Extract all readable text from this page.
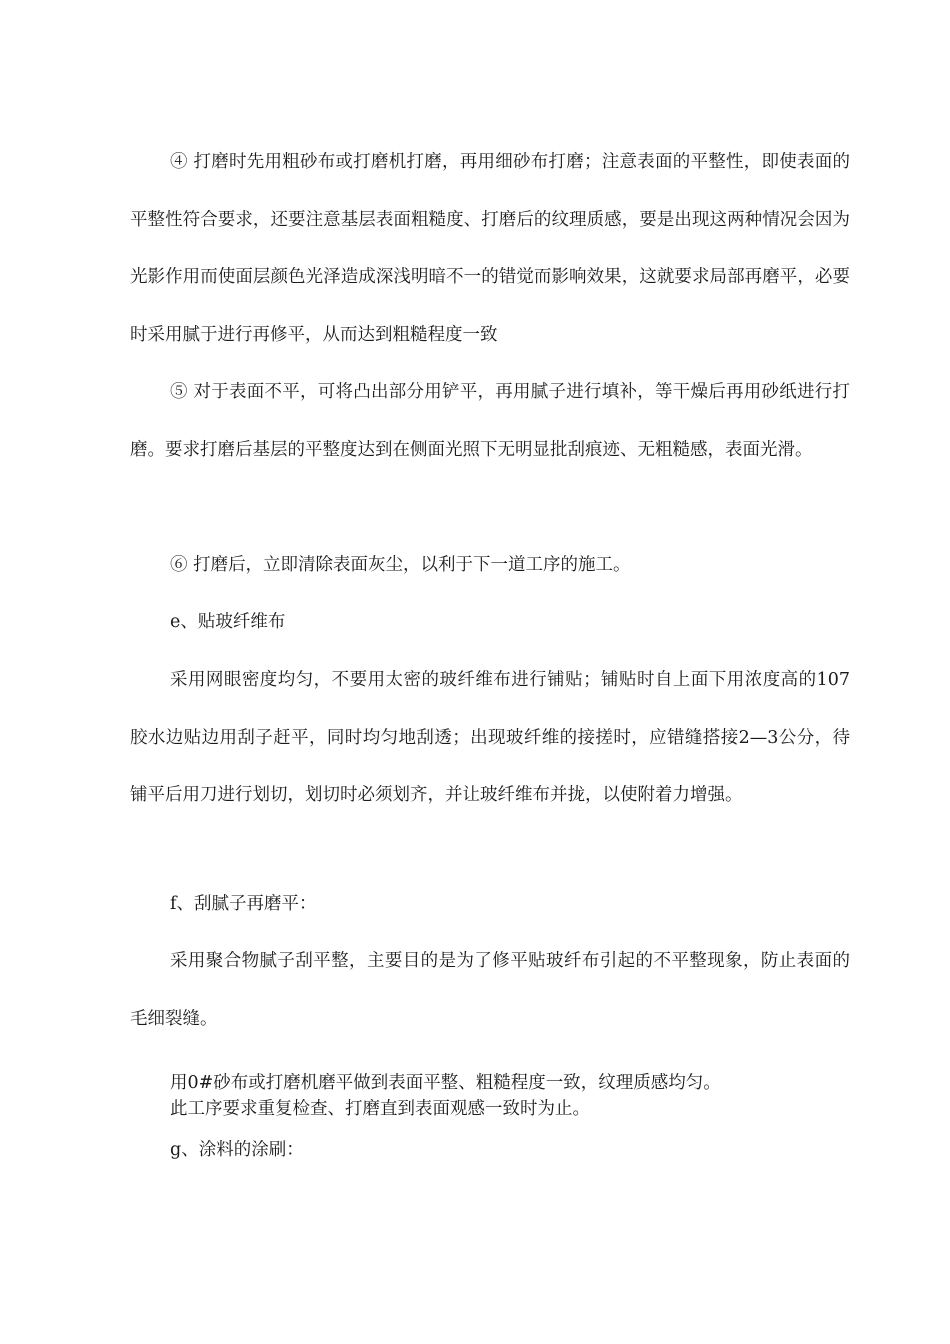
④ 打磨时先用粗砂布或打磨机打磨，再用细砂布打磨；注意表面的平整性，即使表面的平整性符合要求，还要注意基层表面粗糙度、打磨后的纹理质感，要是出现这两种情况会因为光影作用而使面层颜色光泽造成深浅明暗不一的错觉而影响效果，这就要求局部再磨平，必要时采用腻于进行再修平，从而达到粗糙程度一致

⑤ 对于表面不平，可将凸出部分用铲平，再用腻子进行填补，等干燥后再用砂纸进行打磨。要求打磨后基层的平整度达到在侧面光照下无明显批刮痕迹、无粗糙感，表面光滑。

⑥ 打磨后，立即清除表面灰尘，以利于下一道工序的施工。

e、贴玻纤维布

采用网眼密度均匀，不要用太密的玻纤维布进行铺贴；铺贴时自上面下用浓度高的107胶水边贴边用刮子赶平，同时均匀地刮透；出现玻纤维的接搓时，应错缝搭接2—3公分，待铺平后用刀进行划切，划切时必须划齐，并让玻纤维布并拢，以使附着力增强。

f、刮腻子再磨平：

采用聚合物腻子刮平整，主要目的是为了修平贴玻纤布引起的不平整现象，防止表面的毛细裂缝。

用0#砂布或打磨机磨平做到表面平整、粗糙程度一致，纹理质感均匀。
此工序要求重复检查、打磨直到表面观感一致时为止。

g、涂料的涂刷：
